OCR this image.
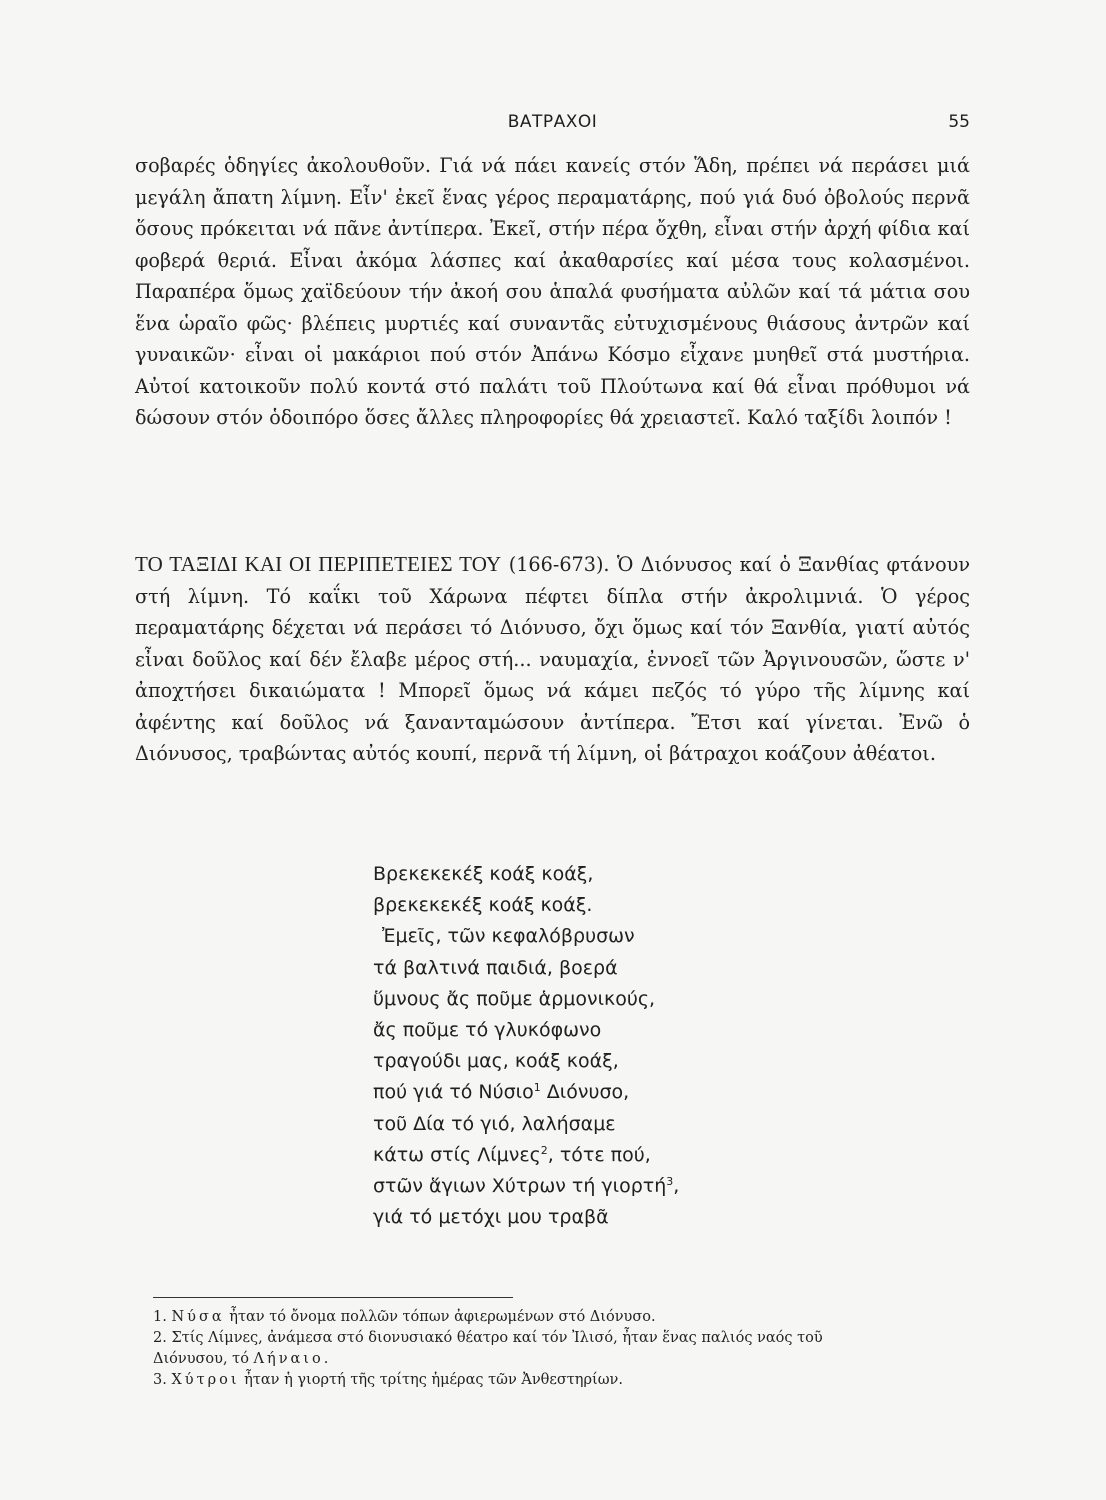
ΒΑΤΡΑΧΟΙ	55

σοβαρές ὁδηγίες ἀκολουθοῦν. Γιά νά πάει κανείς στόν Ἅδη, πρέπει νά περάσει μιά μεγάλη ἄπατη λίμνη. Εἶν' ἐκεῖ ἕνας γέρος περαματάρης, πού γιά δυό ὀβολούς περνᾶ ὅσους πρόκειται νά πᾶνε ἀντίπερα. Ἐκεῖ, στήν πέρα ὄχθη, εἶναι στήν ἀρχή φίδια καί φοβερά θεριά. Εἶναι ἀκόμα λάσπες καί ἀκαθαρσίες καί μέσα τους κολασμένοι. Παραπέρα ὅμως χαϊδεύουν τήν ἀκοή σου ἁπαλά φυσήματα αὐλῶν καί τά μάτια σου ἕνα ὡραῖο φῶς· βλέπεις μυρτιές καί συναντᾶς εὐτυχισμένους θιάσους ἀντρῶν καί γυναικῶν· εἶναι οἱ μακάριοι πού στόν Ἀπάνω Κόσμο εἶχανε μυηθεῖ στά μυστήρια. Αὐτοί κατοικοῦν πολύ κοντά στό παλάτι τοῦ Πλούτωνα καί θά εἶναι πρόθυμοι νά δώσουν στόν ὁδοιπόρο ὅσες ἄλλες πληροφορίες θά χρειαστεῖ. Καλό ταξίδι λοιπόν !

ΤΟ ΤΑΞΙΔΙ ΚΑΙ ΟΙ ΠΕΡΙΠΕΤΕΙΕΣ ΤΟΥ (166-673). Ὁ Διόνυσος καί ὁ Ξανθίας φτάνουν στή λίμνη. Τό καΐκι τοῦ Χάρωνα πέφτει δίπλα στήν ἀκρολιμνιά. Ὁ γέρος περαματάρης δέχεται νά περάσει τό Διόνυσο, ὄχι ὅμως καί τόν Ξανθία, γιατί αὐτός εἶναι δοῦλος καί δέν ἔλαβε μέρος στή... ναυμαχία, ἐννοεῖ τῶν Ἀργινουσῶν, ὥστε ν' ἀποχτήσει δικαιώματα ! Μπορεῖ ὅμως νά κάμει πεζός τό γύρο τῆς λίμνης καί ἀφέντης καί δοῦλος νά ξανανταμώσουν ἀντίπερα. Ἔτσι καί γίνεται. Ἐνῶ ὁ Διόνυσος, τραβώντας αὐτός κουπί, περνᾶ τή λίμνη, οἱ βάτραχοι κοάζουν ἀθέατοι.

Βρεκεκεκέξ κοάξ κοάξ,
βρεκεκεκέξ κοάξ κοάξ.
Ἐμεῖς, τῶν κεφαλόβρυσων
τά βαλτινά παιδιά, βοερά
ὕμνους ἄς ποῦμε ἁρμονικούς,
ἄς ποῦμε τό γλυκόφωνο
τραγούδι μας, κοάξ κοάξ,
πού γιά τό Νύσιο$^1$ Διόνυσο,
τοῦ Δία τό γιό, λαλήσαμε
κάτω στίς Λίμνες$^2$, τότε πού,
στῶν ἅγιων Χύτρων τή γιορτή$^3$,
γιά τό μετόχι μου τραβᾶ
1. Νύσα ἦταν τό ὄνομα πολλῶν τόπων ἀφιερωμένων στό Διόνυσο.
2. Στίς Λίμνες, ἀνάμεσα στό διονυσιακό θέατρο καί τόν Ἰλισό, ἦταν ἕνας παλιός ναός τοῦ
Διόνυσου, τό Λήναιο.
3. Χύτροι ἦταν ἡ γιορτή τῆς τρίτης ἡμέρας τῶν Ἀνθεστηρίων.
